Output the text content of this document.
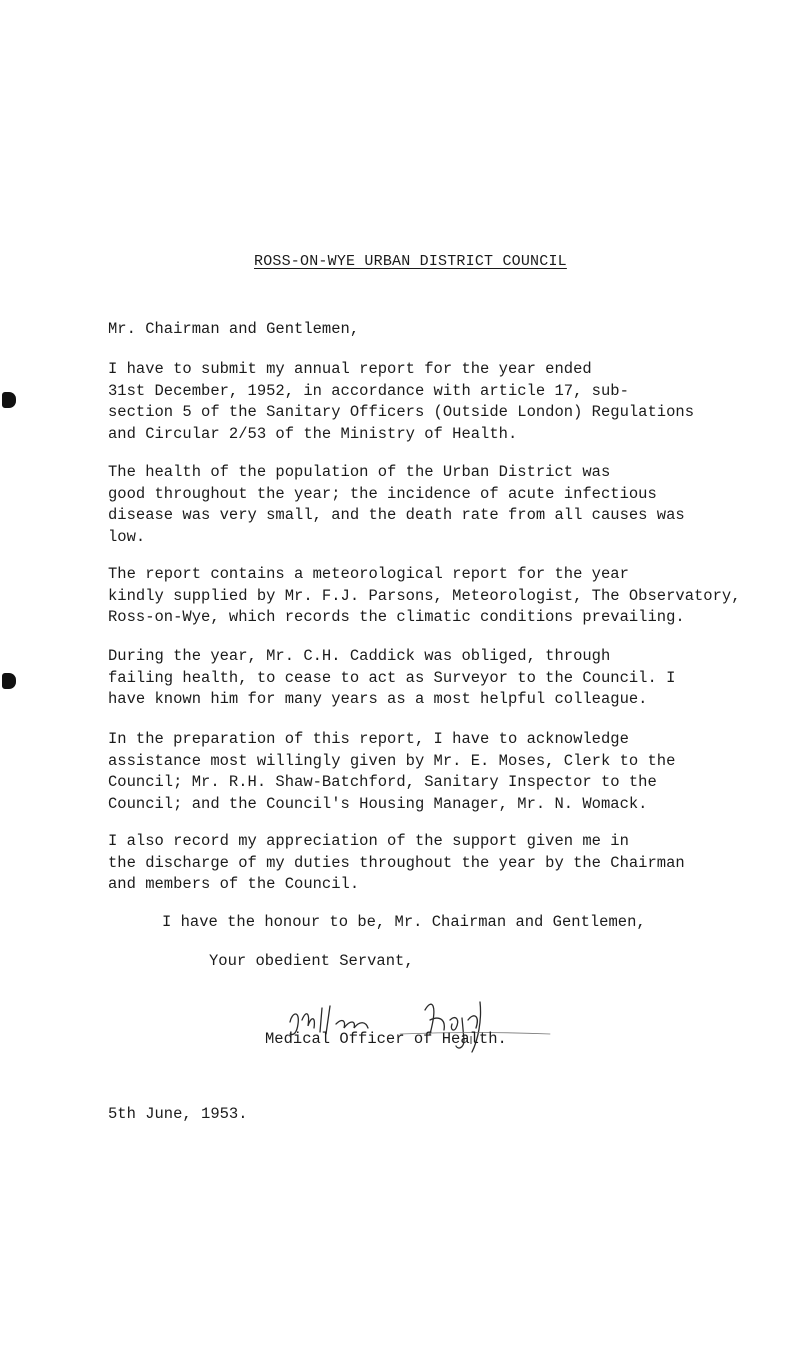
ROSS-ON-WYE URBAN DISTRICT COUNCIL
Mr. Chairman and Gentlemen,

I have to submit my annual report for the year ended
31st December, 1952, in accordance with article 17, sub-
section 5 of the Sanitary Officers (Outside London) Regulations
and Circular 2/53 of the Ministry of Health.

The health of the population of the Urban District was
good throughout the year; the incidence of acute infectious
disease was very small, and the death rate from all causes was
low.

The report contains a meteorological report for the year
kindly supplied by Mr. F.J. Parsons, Meteorologist, The Observatory,
Ross-on-Wye, which records the climatic conditions prevailing.

During the year, Mr. C.H. Caddick was obliged, through
failing health, to cease to act as Surveyor to the Council. I
have known him for many years as a most helpful colleague.

I have the honour to be, Mr. Chairman and Gentlemen,
Your obedient Servant,
Medical Officer of Health.
5th June, 1953.

In the preparation of this report, I have to acknowledge
assistance most willingly given by Mr. E. Moses, Clerk to the
Council; Mr. R.H. Shaw-Batchford, Sanitary Inspector to the
Council; and the Council's Housing Manager, Mr. N. Womack.

I also record my appreciation of the support given me in
the discharge of my duties throughout the year by the Chairman
and members of the Council.
